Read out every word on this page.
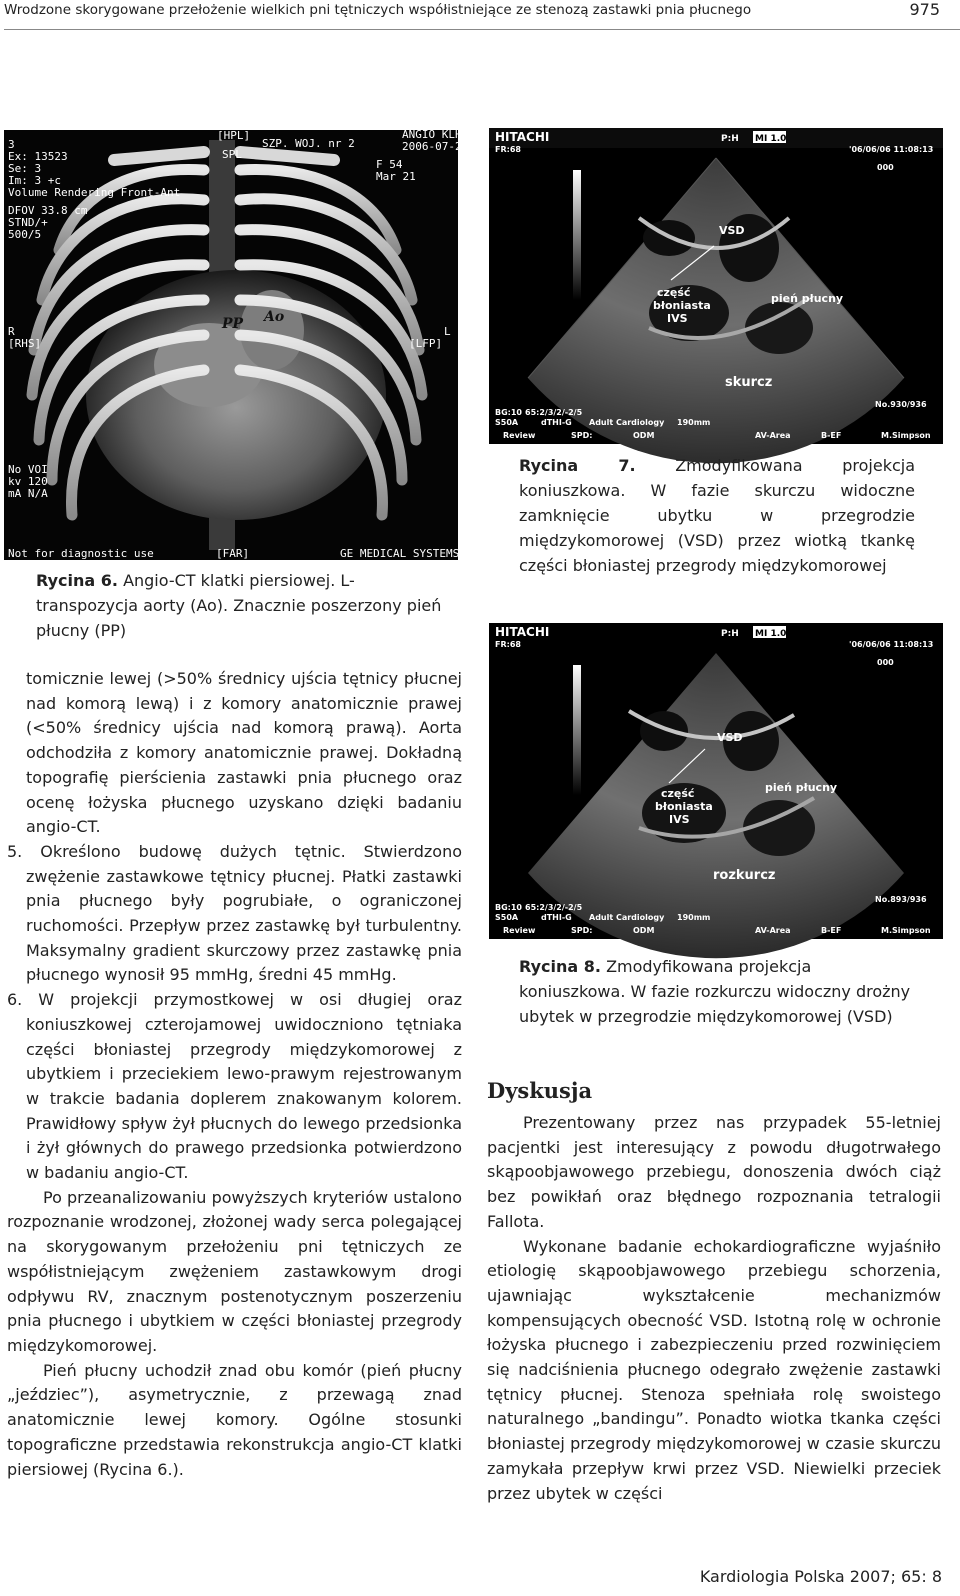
Wrodzone skorygowane przełożenie wielkich pni tętniczych współistniejące ze stenozą zastawki pnia płucnego	975
[HPL]
3
Ex: 13523
Se: 3
Im: 3 +c
Volume Rendering Front-Ant
DFOV 33.8 cm
STND/+
500/5
SPL
SZP. WOJ. nr 2
ANGIO KLH
2006-07-21
F 54
Mar 21
R
[RHS]
L
[LFP]
No VOI
kv 120
mA N/A
Not for diagnostic use	[FAR]	GE MEDICAL SYSTEMS
PP Ao
Rycina 6. Angio-CT klatki piersiowej. L-transpozycja aorty (Ao). Znacznie poszerzony pień płucny (PP)
HITACHI
FR:68
P:H MI 1.0
'06/06/06 11:08:13
000
VSD
część błoniasta IVS
pień płucny
skurcz
No.930/936
BG:10 65:2/3/2/-2/5
S50A	dTHI-G Adult Cardiology 190mm
Review	SPD:	ODM	AV-Area	B-EF	M.Simpson
Rycina 7. Zmodyfikowana projekcja koniuszkowa. W fazie skurczu widoczne zamknięcie ubytku w przegrodzie międzykomorowej (VSD) przez wiotką tkankę części błoniastej przegrody międzykomorowej
HITACHI
FR:68
P:H MI 1.0
'06/06/06 11:08:13
000
VSD
część błoniasta IVS
pień płucny
rozkurcz
No.893/936
BG:10 65:2/3/2/-2/5
S50A	dTHI-G Adult Cardiology 190mm
Review	SPD:	ODM	AV-Area	B-EF	M.Simpson
Rycina 8. Zmodyfikowana projekcja koniuszkowa. W fazie rozkurczu widoczny drożny ubytek w przegrodzie międzykomorowej (VSD)

tomicznie lewej (>50% średnicy ujścia tętnicy płucnej nad komorą lewą) i z komory anatomicznie prawej (<50% średnicy ujścia nad komorą prawą). Aorta odchodziła z komory anatomicznie prawej. Dokładną topografię pierścienia zastawki pnia płucnego oraz ocenę łożyska płucnego uzyskano dzięki badaniu angio-CT.

5. Określono budowę dużych tętnic. Stwierdzono zwężenie zastawkowe tętnicy płucnej. Płatki zastawki pnia płucnego były pogrubiałe, o ograniczonej ruchomości. Przepływ przez zastawkę był turbulentny. Maksymalny gradient skurczowy przez zastawkę pnia płucnego wynosił 95 mmHg, średni 45 mmHg.

6. W projekcji przymostkowej w osi długiej oraz koniuszkowej czterojamowej uwidoczniono tętniaka części błoniastej przegrody międzykomorowej z ubytkiem i przeciekiem lewo-prawym rejestrowanym w trakcie badania doplerem znakowanym kolorem. Prawidłowy spływ żył płucnych do lewego przedsionka i żył głównych do prawego przedsionka potwierdzono w badaniu angio-CT.

Po przeanalizowaniu powyższych kryteriów ustalono rozpoznanie wrodzonej, złożonej wady serca polegającej na skorygowanym przełożeniu pni tętniczych ze współistniejącym zwężeniem zastawkowym drogi odpływu RV, znacznym postenotycznym poszerzeniu pnia płucnego i ubytkiem w części błoniastej przegrody międzykomorowej.

Pień płucny uchodził znad obu komór (pień płucny „jeździec”), asymetrycznie, z przewagą znad anatomicznie lewej komory. Ogólne stosunki topograficzne przedstawia rekonstrukcja angio-CT klatki piersiowej (Rycina 6.).

Dyskusja

Prezentowany przez nas przypadek 55-letniej pacjentki jest interesujący z powodu długotrwałego skąpoobjawowego przebiegu, donoszenia dwóch ciąż bez powikłań oraz błędnego rozpoznania tetralogii Fallota.

Wykonane badanie echokardiograficzne wyjaśniło etiologię skąpoobjawowego przebiegu schorzenia, ujawniając wykształcenie mechanizmów kompensujących obecność VSD. Istotną rolę w ochronie łożyska płucnego i zabezpieczeniu przed rozwinięciem się nadciśnienia płucnego odegrało zwężenie zastawki tętnicy płucnej. Stenoza spełniała rolę swoistego naturalnego „bandingu”. Ponadto wiotka tkanka części błoniastej przegrody międzykomorowej w czasie skurczu zamykała przepływ krwi przez VSD. Niewielki przeciek przez ubytek w części

Kardiologia Polska 2007; 65: 8
